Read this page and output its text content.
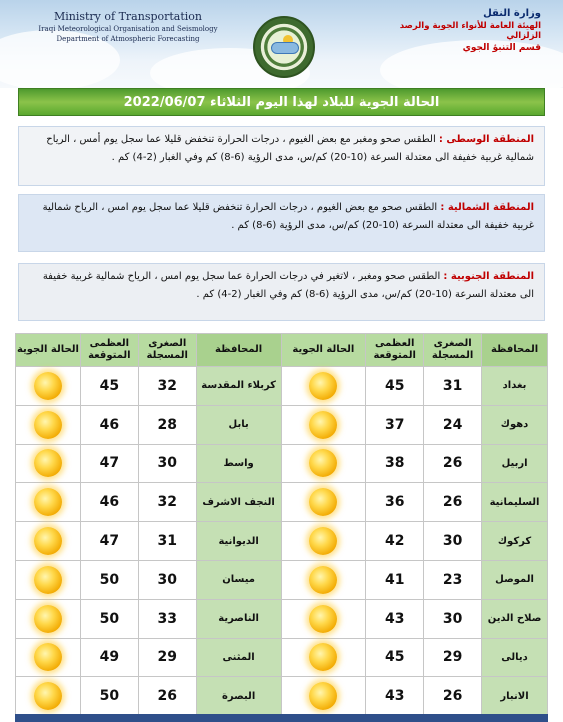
Ministry of Transportation
Iraqi Meteorological Organisation and Seismology
Department of Atmospheric Forecasting
وزارة النقل
الهيئة العامة للأنواء الجوية والرصد الزلزالي
قسم التنبؤ الجوي
الحالة الجوية للبلاد لهذا اليوم الثلاثاء 2022/06/07
المنطقة الوسطى : الطقس صحو ومغبر مع بعض الغيوم ، درجات الحرارة تنخفض قليلا عما سجل يوم أمس ، الرياح شمالية غربية خفيفة الى معتدلة السرعة (10-20) كم/س، مدى الرؤية (6-8) كم وفي الغبار (2-4) كم .
المنطقة الشمالية : الطقس صحو مع بعض الغيوم ، درجات الحرارة تنخفض قليلا عما سجل يوم امس ، الرياح شمالية غربية خفيفة الى معتدلة السرعة (10-20) كم/س، مدى الرؤية (6-8) كم .
المنطقة الجنوبية : الطقس صحو ومغبر ، لاتغير في درجات الحرارة عما سجل يوم امس ، الرياح شمالية غربية خفيفة الى معتدلة السرعة (10-20) كم/س، مدى الرؤية (6-8) كم وفي الغبار (2-4) كم .
المحافظة	الصغرى المسجلة	العظمى المتوقعة	الحالة الجوية	المحافظة	الصغرى المسجلة	العظمى المتوقعة	الحالة الجوية
بغداد	31	45		كربلاء المقدسة	32	45	
دهوك	24	37		بابل	28	46	
اربيل	26	38		واسط	30	47	
السليمانية	26	36		النجف الاشرف	32	46	
كركوك	30	42		الديوانية	31	47	
الموصل	23	41		ميسان	30	50	
صلاح الدين	30	43		الناصرية	33	50	
ديالى	29	45		المثنى	29	49	
الانبار	26	43		البصرة	26	50	
